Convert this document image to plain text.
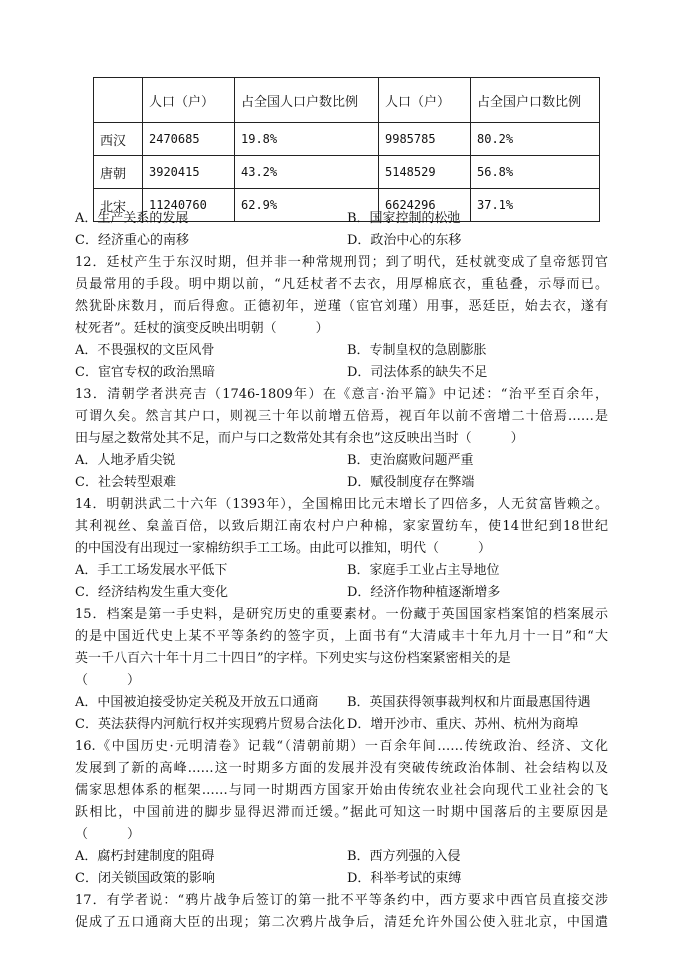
	人口（户）	占全国人口户数比例	人口（户）	占全国户口数比例
西汉	2470685	19.8%	9985785	80.2%
唐朝	3920415	43.2%	5148529	56.8%
北宋	11240760	62.9%	6624296	37.1%
A．生产关系的发展	B．国家控制的松弛
C．经济重心的南移	D．政治中心的东移
12．廷杖产生于东汉时期，但并非一种常规刑罚；到了明代，廷杖就变成了皇帝惩罚官
员最常用的手段。明中期以前，“凡廷杖者不去衣，用厚棉底衣，重毡叠，示辱而已。
然犹卧床数月，而后得愈。正德初年，逆瑾（宦官刘瑾）用事，恶廷臣，始去衣，遂有
杖死者”。廷杖的演变反映出明朝（　　　）
A．不畏强权的文臣风骨	B．专制皇权的急剧膨胀
C．宦官专权的政治黑暗	D．司法体系的缺失不足
13．清朝学者洪亮吉（1746-1809年）在《意言·治平篇》中记述：“治平至百余年，
可谓久矣。然言其户口，则视三十年以前增五倍焉，视百年以前不啻增二十倍焉……是
田与屋之数常处其不足，而户与口之数常处其有余也”这反映出当时（　　　）
A．人地矛盾尖锐	B．吏治腐败问题严重
C．社会转型艰难	D．赋役制度存在弊端
14．明朝洪武二十六年（1393年），全国棉田比元末增长了四倍多，人无贫富皆赖之。
其利视丝、枲盖百倍，以致后期江南农村户户种棉，家家置纺车，使14世纪到18世纪
的中国没有出现过一家棉纺织手工工场。由此可以推知，明代（　　　）
A．手工工场发展水平低下	B．家庭手工业占主导地位
C．经济结构发生重大变化	D．经济作物种植逐渐增多
15．档案是第一手史料，是研究历史的重要素材。一份藏于英国国家档案馆的档案展示
的是中国近代史上某不平等条约的签字页，上面书有“大清咸丰十年九月十一日”和“大
英一千八百六十年十月二十四日”的字样。下列史实与这份档案紧密相关的是
（　　　）
A．中国被迫接受协定关税及开放五口通商 B．英国获得领事裁判权和片面最惠国待遇
C．英法获得内河航行权并实现鸦片贸易合法化 D．增开沙市、重庆、苏州、杭州为商埠
16.《中国历史·元明清卷》记载“（清朝前期）一百余年间……传统政治、经济、文化
发展到了新的高峰……这一时期多方面的发展并没有突破传统政治体制、社会结构以及
儒家思想体系的框架……与同一时期西方国家开始由传统农业社会向现代工业社会的飞
跃相比，中国前进的脚步显得迟滞而迁缓。”据此可知这一时期中国落后的主要原因是
（　　　）
A．腐朽封建制度的阻碍	B．西方列强的入侵
C．闭关锁国政策的影响	D．科举考试的束缚
17．有学者说：“鸦片战争后签订的第一批不平等条约中，西方要求中西官员直接交涉
促成了五口通商大臣的出现；第二次鸦片战争后，清廷允许外国公使入驻北京，中国遣
